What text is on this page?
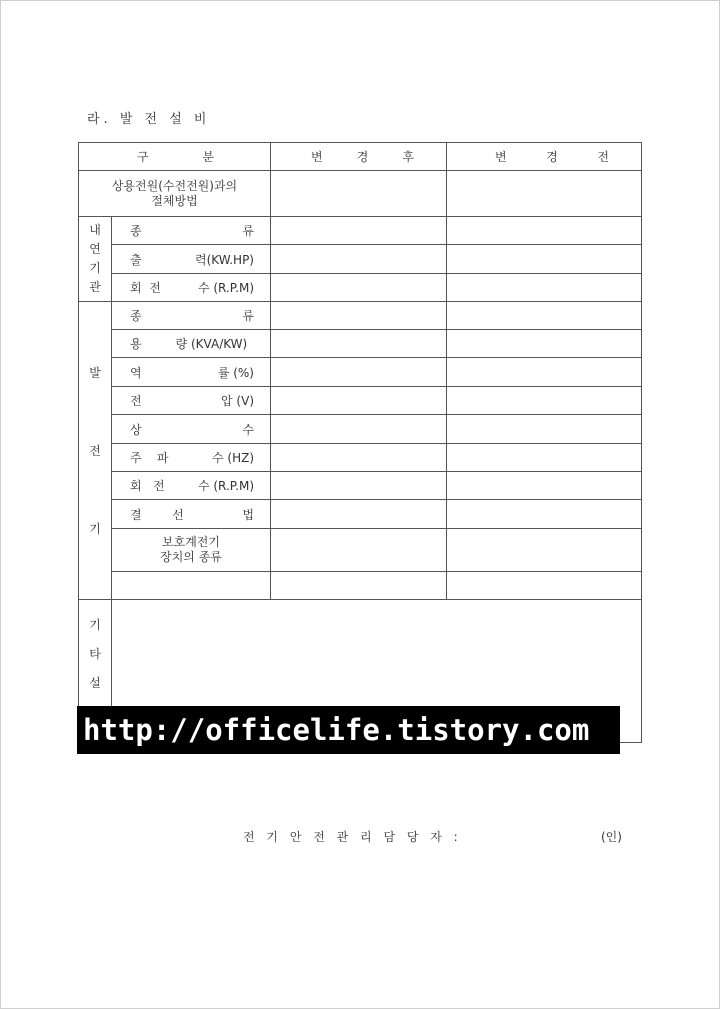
라. 발 전 설 비
구 분		변 경 후	변 경 전

상용전원(수전전원)과의
절체방법			

내
연
기
관	종 류		

	출 력(KW.HP)		

	회  전 수 (R.P.M)		

발
전
기	종 류		

	용 량 (KVA/KW)		

	역 률 (%)		

	전 압 (V)		

	상 수		

	주    파 수 (HZ)		

	회   전 수 (R.P.M)		

	결        선 법		

	보호계전기
장치의 종류		

기
타
설			

http://officelife.tistory.com
전 기 안 전 관 리 담 당 자 :	(인)
